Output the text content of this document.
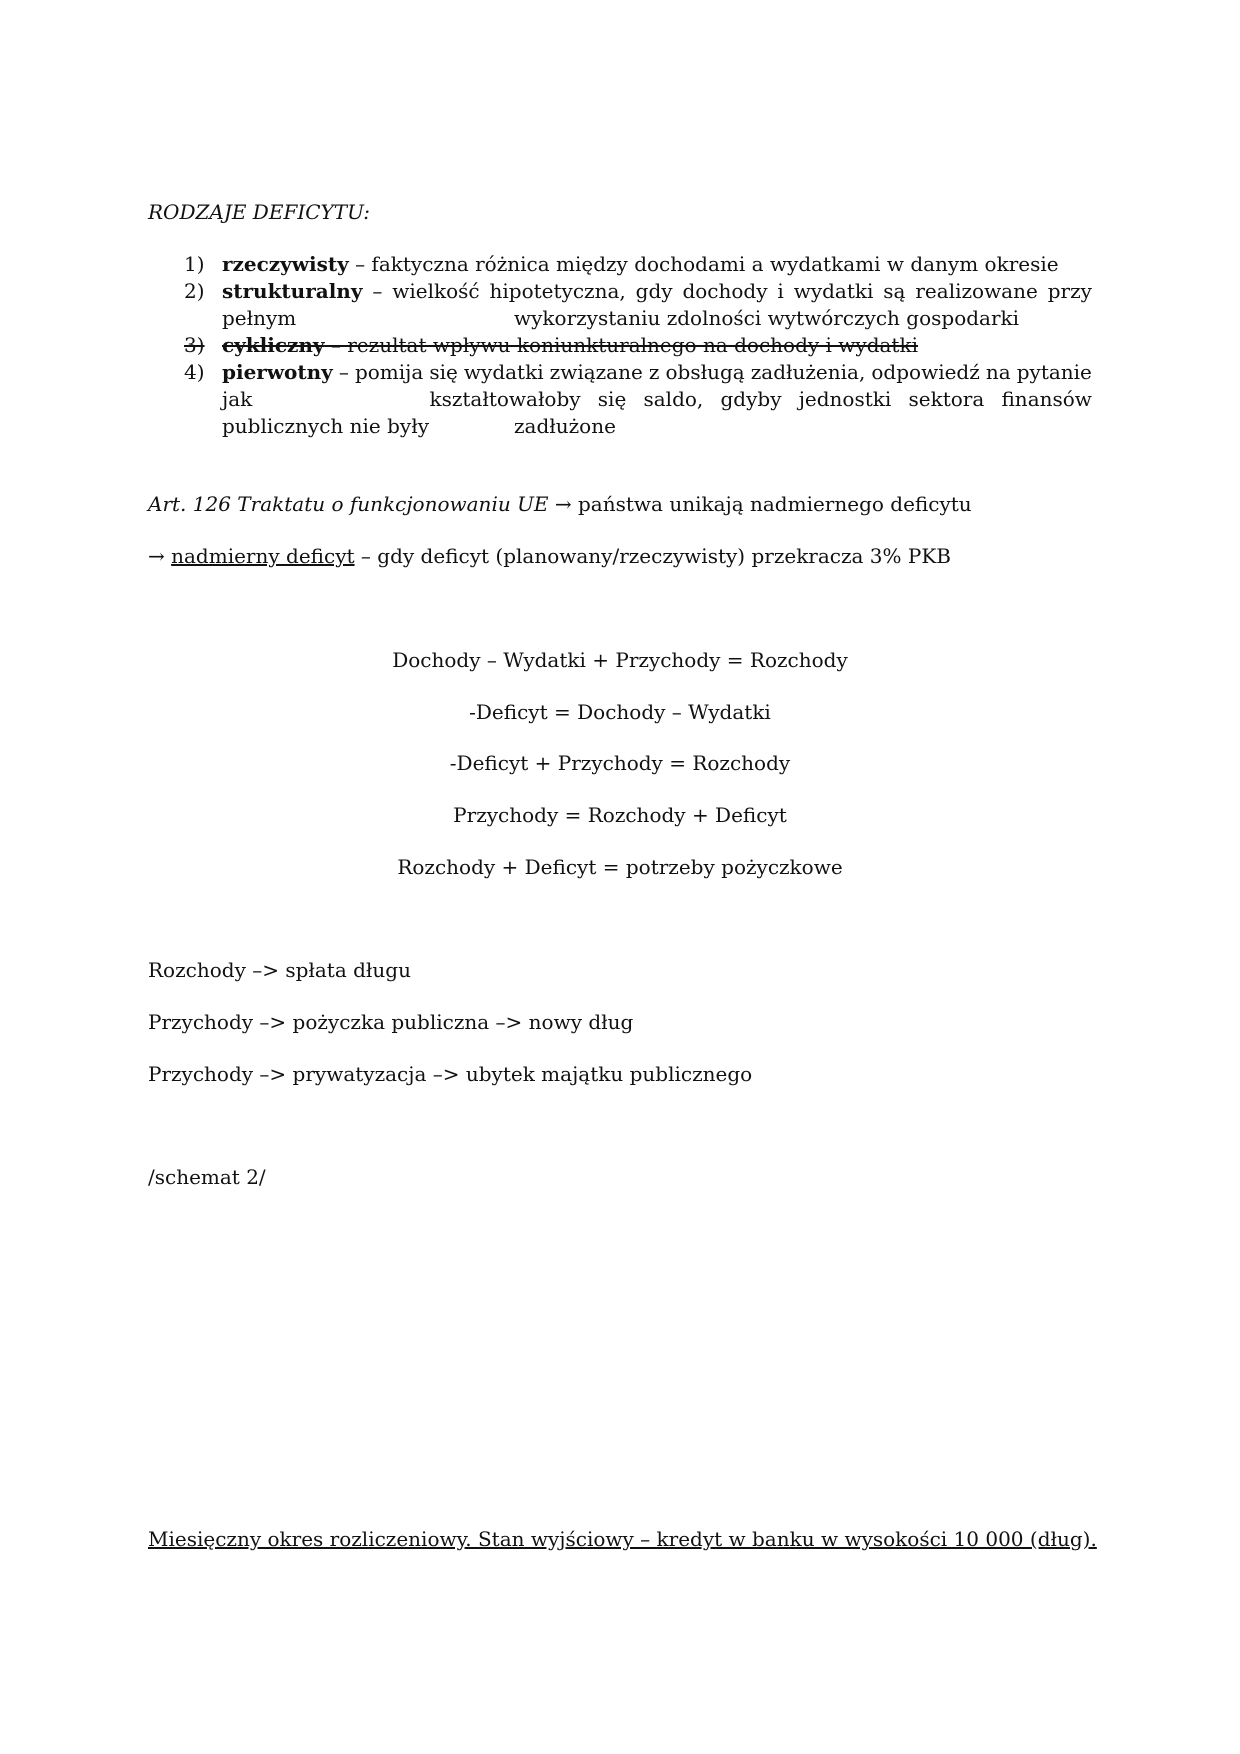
RODZAJE DEFICYTU:
1) rzeczywisty – faktyczna różnica między dochodami a wydatkami w danym okresie
2) strukturalny – wielkość hipotetyczna, gdy dochody i wydatki są realizowane przy
pełnym	wykorzystaniu zdolności wytwórczych gospodarki
3) cykliczny – rezultat wpływu koniunkturalnego na dochody i wydatki
4) pierwotny – pomija się wydatki związane z obsługą zadłużenia, odpowiedź na pytanie
jak	kształtowałoby się saldo, gdyby jednostki sektora finansów
publicznych nie były	zadłużone
Art. 126 Traktatu o funkcjonowaniu UE → państwa unikają nadmiernego deficytu
→ nadmierny deficyt – gdy deficyt (planowany/rzeczywisty) przekracza 3% PKB
Dochody – Wydatki + Przychody = Rozchody
-Deficyt = Dochody – Wydatki
-Deficyt + Przychody = Rozchody
Przychody = Rozchody + Deficyt
Rozchody + Deficyt = potrzeby pożyczkowe
Rozchody –> spłata długu
Przychody –> pożyczka publiczna –> nowy dług
Przychody –> prywatyzacja –> ubytek majątku publicznego
/schemat 2/
Miesięczny okres rozliczeniowy. Stan wyjściowy – kredyt w banku w wysokości 10 000 (dług).
